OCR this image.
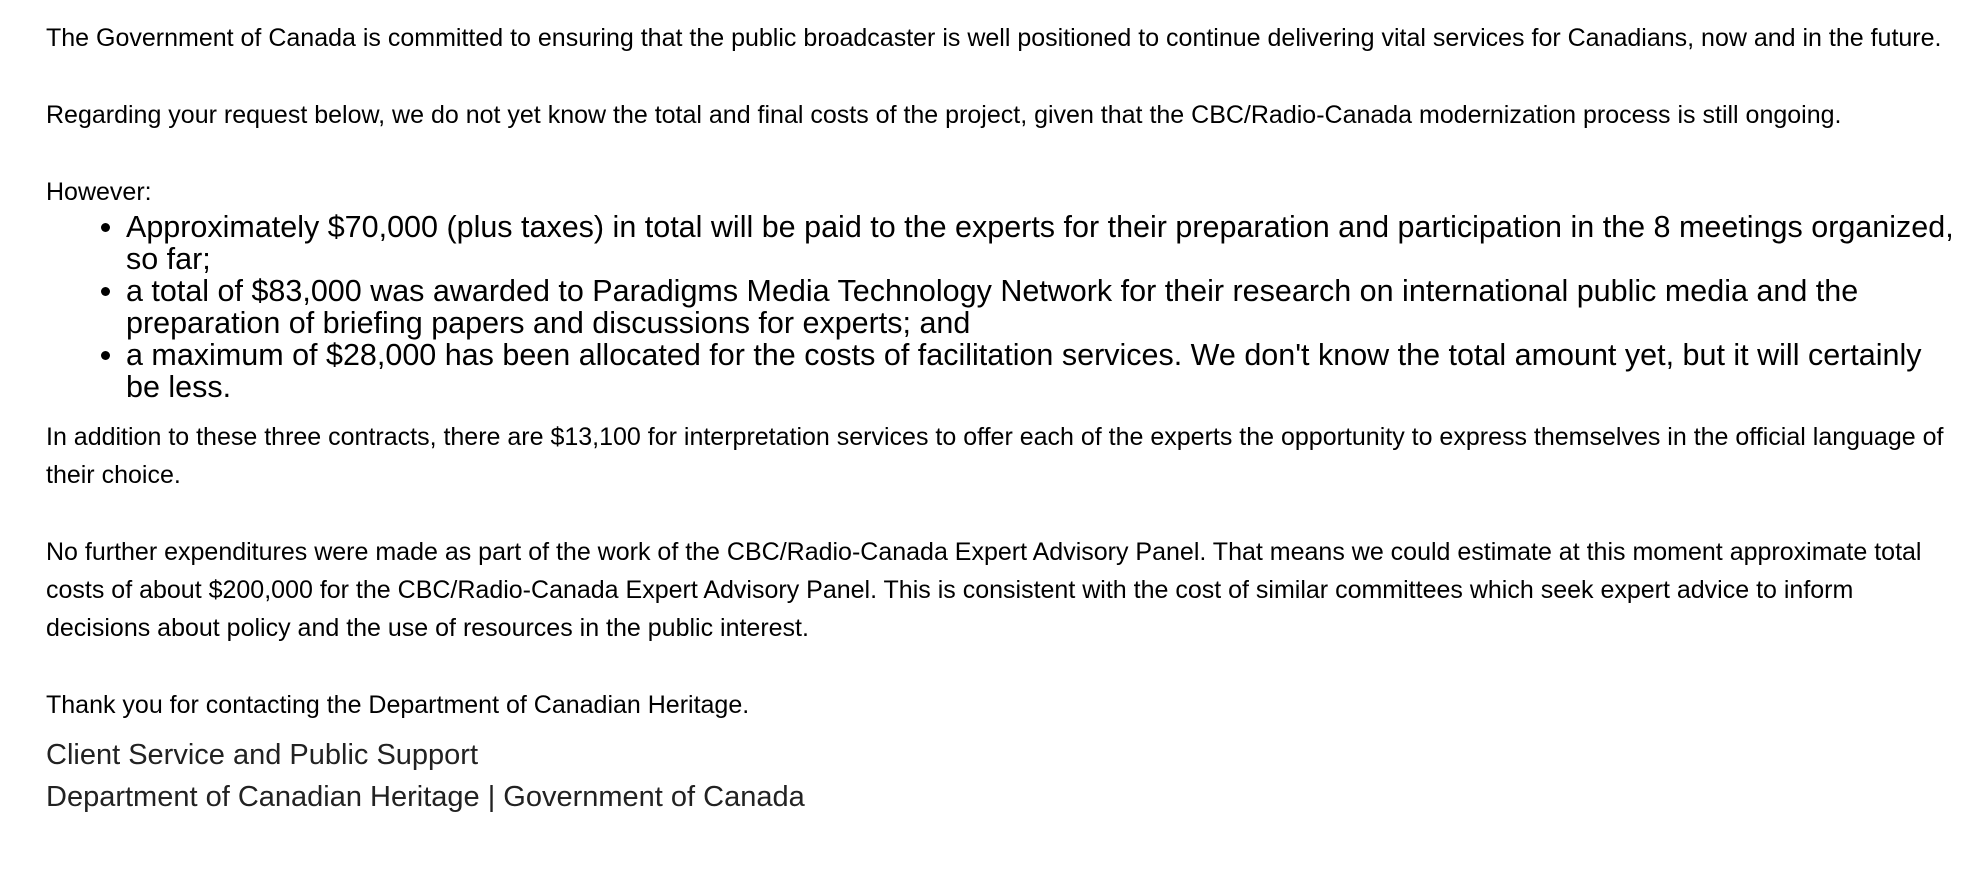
The Government of Canada is committed to ensuring that the public broadcaster is well positioned to continue delivering vital services for Canadians, now and in the future.

Regarding your request below, we do not yet know the total and final costs of the project, given that the CBC/Radio-Canada modernization process is still ongoing.

However:

• Approximately $70,000 (plus taxes) in total will be paid to the experts for their preparation and participation in the 8 meetings organized, so far;
• a total of $83,000 was awarded to Paradigms Media Technology Network for their research on international public media and the preparation of briefing papers and discussions for experts; and
• a maximum of $28,000 has been allocated for the costs of facilitation services. We don't know the total amount yet, but it will certainly be less.

In addition to these three contracts, there are $13,100 for interpretation services to offer each of the experts the opportunity to express themselves in the official language of their choice.

No further expenditures were made as part of the work of the CBC/Radio-Canada Expert Advisory Panel. That means we could estimate at this moment approximate total costs of about $200,000 for the CBC/Radio-Canada Expert Advisory Panel. This is consistent with the cost of similar committees which seek expert advice to inform decisions about policy and the use of resources in the public interest.

Thank you for contacting the Department of Canadian Heritage.

Client Service and Public Support

Department of Canadian Heritage | Government of Canada
